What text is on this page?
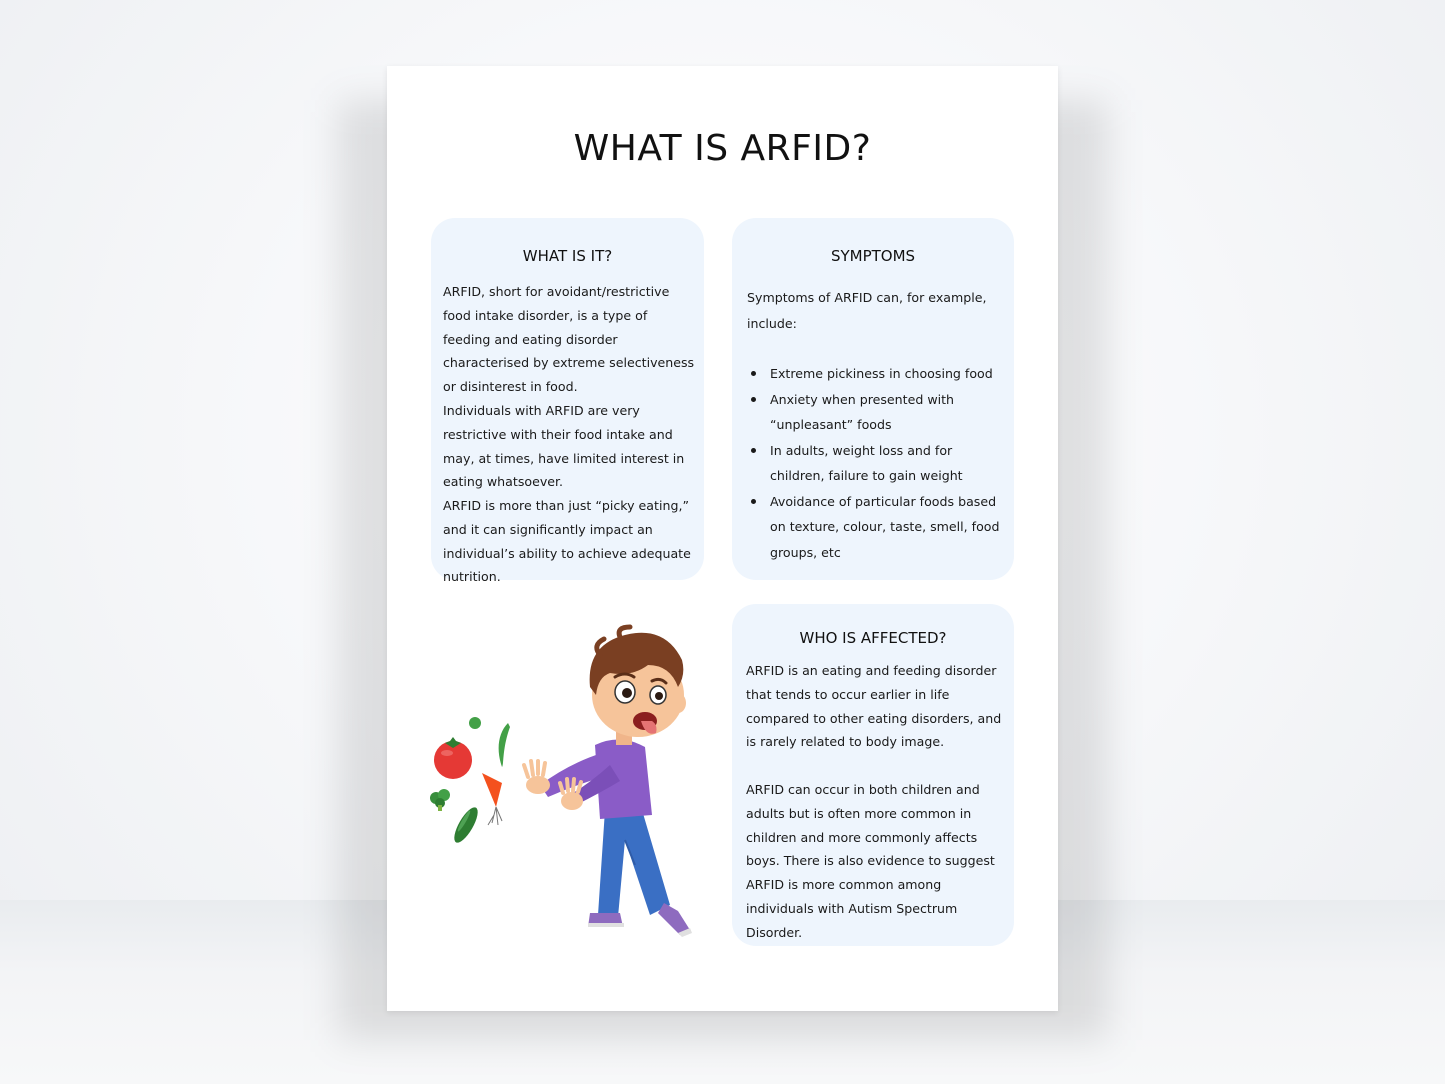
WHAT IS ARFID?
WHAT IS IT?

ARFID, short for avoidant/restrictive food intake disorder, is a type of feeding and eating disorder characterised by extreme selectiveness or disinterest in food.

Individuals with ARFID are very restrictive with their food intake and may, at times, have limited interest in eating whatsoever.

ARFID is more than just “picky eating,” and it can significantly impact an individual’s ability to achieve adequate nutrition.

SYMPTOMS

Symptoms of ARFID can, for example, include:

Extreme pickiness in choosing food
Anxiety when presented with “unpleasant” foods
In adults, weight loss and for children, failure to gain weight
Avoidance of particular foods based on texture, colour, taste, smell, food groups, etc
WHO IS AFFECTED?

ARFID is an eating and feeding disorder that tends to occur earlier in life compared to other eating disorders, and is rarely related to body image.

ARFID can occur in both children and adults but is often more common in children and more commonly affects boys. There is also evidence to suggest ARFID is more common among individuals with Autism Spectrum Disorder.
